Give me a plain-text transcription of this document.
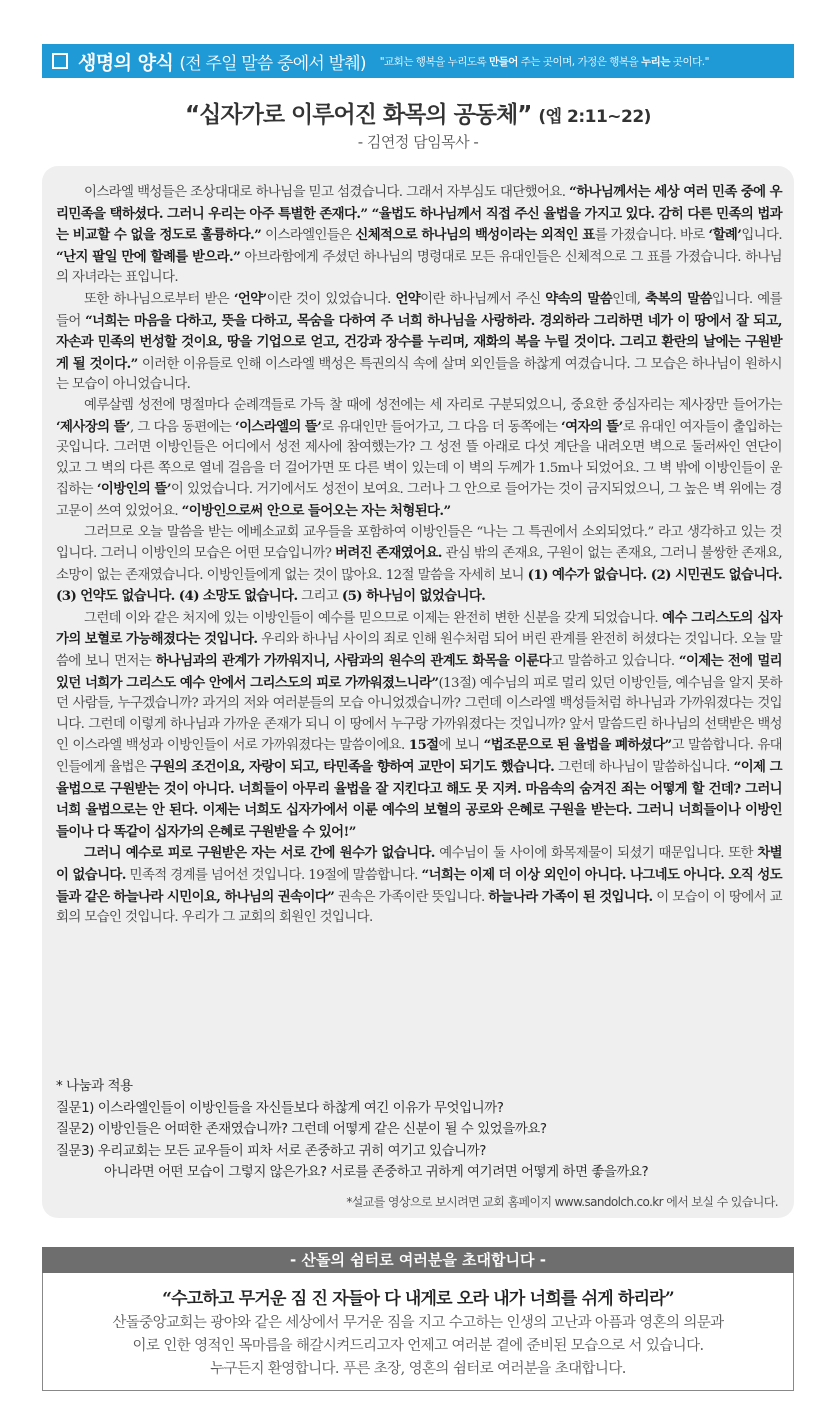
생명의 양식 (전 주일 말씀 중에서 발췌) "교회는 행복을 누리도록 만들어 주는 곳이며, 가정은 행복을 누리는 곳이다."
“십자가로 이루어진 화목의 공동체” (엡 2:11~22)
- 김연정 담임목사 -

이스라엘 백성들은 조상대대로 하나님을 믿고 섬겼습니다. 그래서 자부심도 대단했어요. “하나님께서는 세상 여러 민족 중에 우리민족을 택하셨다. 그러니 우리는 아주 특별한 존재다.” “율법도 하나님께서 직접 주신 율법을 가지고 있다. 감히 다른 민족의 법과는 비교할 수 없을 정도로 훌륭하다.” 이스라엘인들은 신체적으로 하나님의 백성이라는 외적인 표를 가졌습니다. 바로 ‘할례’입니다. “난지 팔일 만에 할례를 받으라.” 아브라함에게 주셨던 하나님의 명령대로 모든 유대인들은 신체적으로 그 표를 가졌습니다. 하나님의 자녀라는 표입니다.

또한 하나님으로부터 받은 ‘언약’이란 것이 있었습니다. 언약이란 하나님께서 주신 약속의 말씀인데, 축복의 말씀입니다. 예를 들어 “너희는 마음을 다하고, 뜻을 다하고, 목숨을 다하여 주 너희 하나님을 사랑하라. 경외하라 그리하면 네가 이 땅에서 잘 되고, 자손과 민족의 번성할 것이요, 땅을 기업으로 얻고, 건강과 장수를 누리며, 재화의 복을 누릴 것이다. 그리고 환란의 날에는 구원받게 될 것이다.” 이러한 이유들로 인해 이스라엘 백성은 특권의식 속에 살며 외인들을 하찮게 여겼습니다. 그 모습은 하나님이 원하시는 모습이 아니었습니다.

예루살렘 성전에 명절마다 순례객들로 가득 찰 때에 성전에는 세 자리로 구분되었으니, 중요한 중심자리는 제사장만 들어가는 ‘제사장의 뜰’, 그 다음 동편에는 ‘이스라엘의 뜰’로 유대인만 들어가고, 그 다음 더 동쪽에는 ‘여자의 뜰’로 유대인 여자들이 출입하는 곳입니다. 그러면 이방인들은 어디에서 성전 제사에 참여했는가? 그 성전 뜰 아래로 다섯 계단을 내려오면 벽으로 둘러싸인 연단이 있고 그 벽의 다른 쪽으로 열네 걸음을 더 걸어가면 또 다른 벽이 있는데 이 벽의 두께가 1.5m나 되었어요. 그 벽 밖에 이방인들이 운집하는 ‘이방인의 뜰’이 있었습니다. 거기에서도 성전이 보여요. 그러나 그 안으로 들어가는 것이 금지되었으니, 그 높은 벽 위에는 경고문이 쓰여 있었어요. “이방인으로써 안으로 들어오는 자는 처형된다.”

그러므로 오늘 말씀을 받는 에베소교회 교우들을 포함하여 이방인들은 “나는 그 특권에서 소외되었다.” 라고 생각하고 있는 것입니다. 그러니 이방인의 모습은 어떤 모습입니까? 버려진 존재였어요. 관심 밖의 존재요, 구원이 없는 존재요, 그러니 불쌍한 존재요, 소망이 없는 존재였습니다. 이방인들에게 없는 것이 많아요. 12절 말씀을 자세히 보니 (1) 예수가 없습니다. (2) 시민권도 없습니다. (3) 언약도 없습니다. (4) 소망도 없습니다. 그리고 (5) 하나님이 없었습니다.

그런데 이와 같은 처지에 있는 이방인들이 예수를 믿으므로 이제는 완전히 변한 신분을 갖게 되었습니다. 예수 그리스도의 십자가의 보혈로 가능해졌다는 것입니다. 우리와 하나님 사이의 죄로 인해 원수처럼 되어 버린 관계를 완전히 허셨다는 것입니다. 오늘 말씀에 보니 먼저는 하나님과의 관계가 가까워지니, 사람과의 원수의 관계도 화목을 이룬다고 말씀하고 있습니다. “이제는 전에 멀리 있던 너희가 그리스도 예수 안에서 그리스도의 피로 가까워졌느니라”(13절) 예수님의 피로 멀리 있던 이방인들, 예수님을 알지 못하던 사람들, 누구겠습니까? 과거의 저와 여러분들의 모습 아니었겠습니까? 그런데 이스라엘 백성들처럼 하나님과 가까워졌다는 것입니다. 그런데 이렇게 하나님과 가까운 존재가 되니 이 땅에서 누구랑 가까워졌다는 것입니까? 앞서 말씀드린 하나님의 선택받은 백성인 이스라엘 백성과 이방인들이 서로 가까워졌다는 말씀이에요. 15절에 보니 “법조문으로 된 율법을 폐하셨다”고 말씀합니다. 유대인들에게 율법은 구원의 조건이요, 자랑이 되고, 타민족을 향하여 교만이 되기도 했습니다. 그런데 하나님이 말씀하십니다. “이제 그 율법으로 구원받는 것이 아니다. 너희들이 아무리 율법을 잘 지킨다고 해도 못 지켜. 마음속의 숨겨진 죄는 어떻게 할 건데? 그러니 너희 율법으로는 안 된다. 이제는 너희도 십자가에서 이룬 예수의 보혈의 공로와 은혜로 구원을 받는다. 그러니 너희들이나 이방인들이나 다 똑같이 십자가의 은혜로 구원받을 수 있어!”

그러니 예수로 피로 구원받은 자는 서로 간에 원수가 없습니다. 예수님이 둘 사이에 화목제물이 되셨기 때문입니다. 또한 차별이 없습니다. 민족적 경계를 넘어선 것입니다. 19절에 말씀합니다. “너희는 이제 더 이상 외인이 아니다. 나그네도 아니다. 오직 성도들과 같은 하늘나라 시민이요, 하나님의 권속이다” 권속은 가족이란 뜻입니다. 하늘나라 가족이 된 것입니다. 이 모습이 이 땅에서 교회의 모습인 것입니다. 우리가 그 교회의 회원인 것입니다.

* 나눔과 적용
질문1) 이스라엘인들이 이방인들을 자신들보다 하찮게 여긴 이유가 무엇입니까?
질문2) 이방인들은 어떠한 존재였습니까? 그런데 어떻게 같은 신분이 될 수 있었을까요?
질문3) 우리교회는 모든 교우들이 피차 서로 존중하고 귀히 여기고 있습니까?
아니라면 어떤 모습이 그렇지 않은가요? 서로를 존중하고 귀하게 여기려면 어떻게 하면 좋을까요?
*설교를 영상으로 보시려면 교회 홈페이지 www.sandolch.co.kr 에서 보실 수 있습니다.
- 산돌의 쉼터로 여러분을 초대합니다 -
“수고하고 무거운 짐 진 자들아 다 내게로 오라 내가 너희를 쉬게 하리라”
산돌중앙교회는 광야와 같은 세상에서 무거운 짐을 지고 수고하는 인생의 고난과 아픔과 영혼의 의문과
이로 인한 영적인 목마름을 해갈시켜드리고자 언제고 여러분 곁에 준비된 모습으로 서 있습니다.
누구든지 환영합니다. 푸른 초장, 영혼의 쉼터로 여러분을 초대합니다.
